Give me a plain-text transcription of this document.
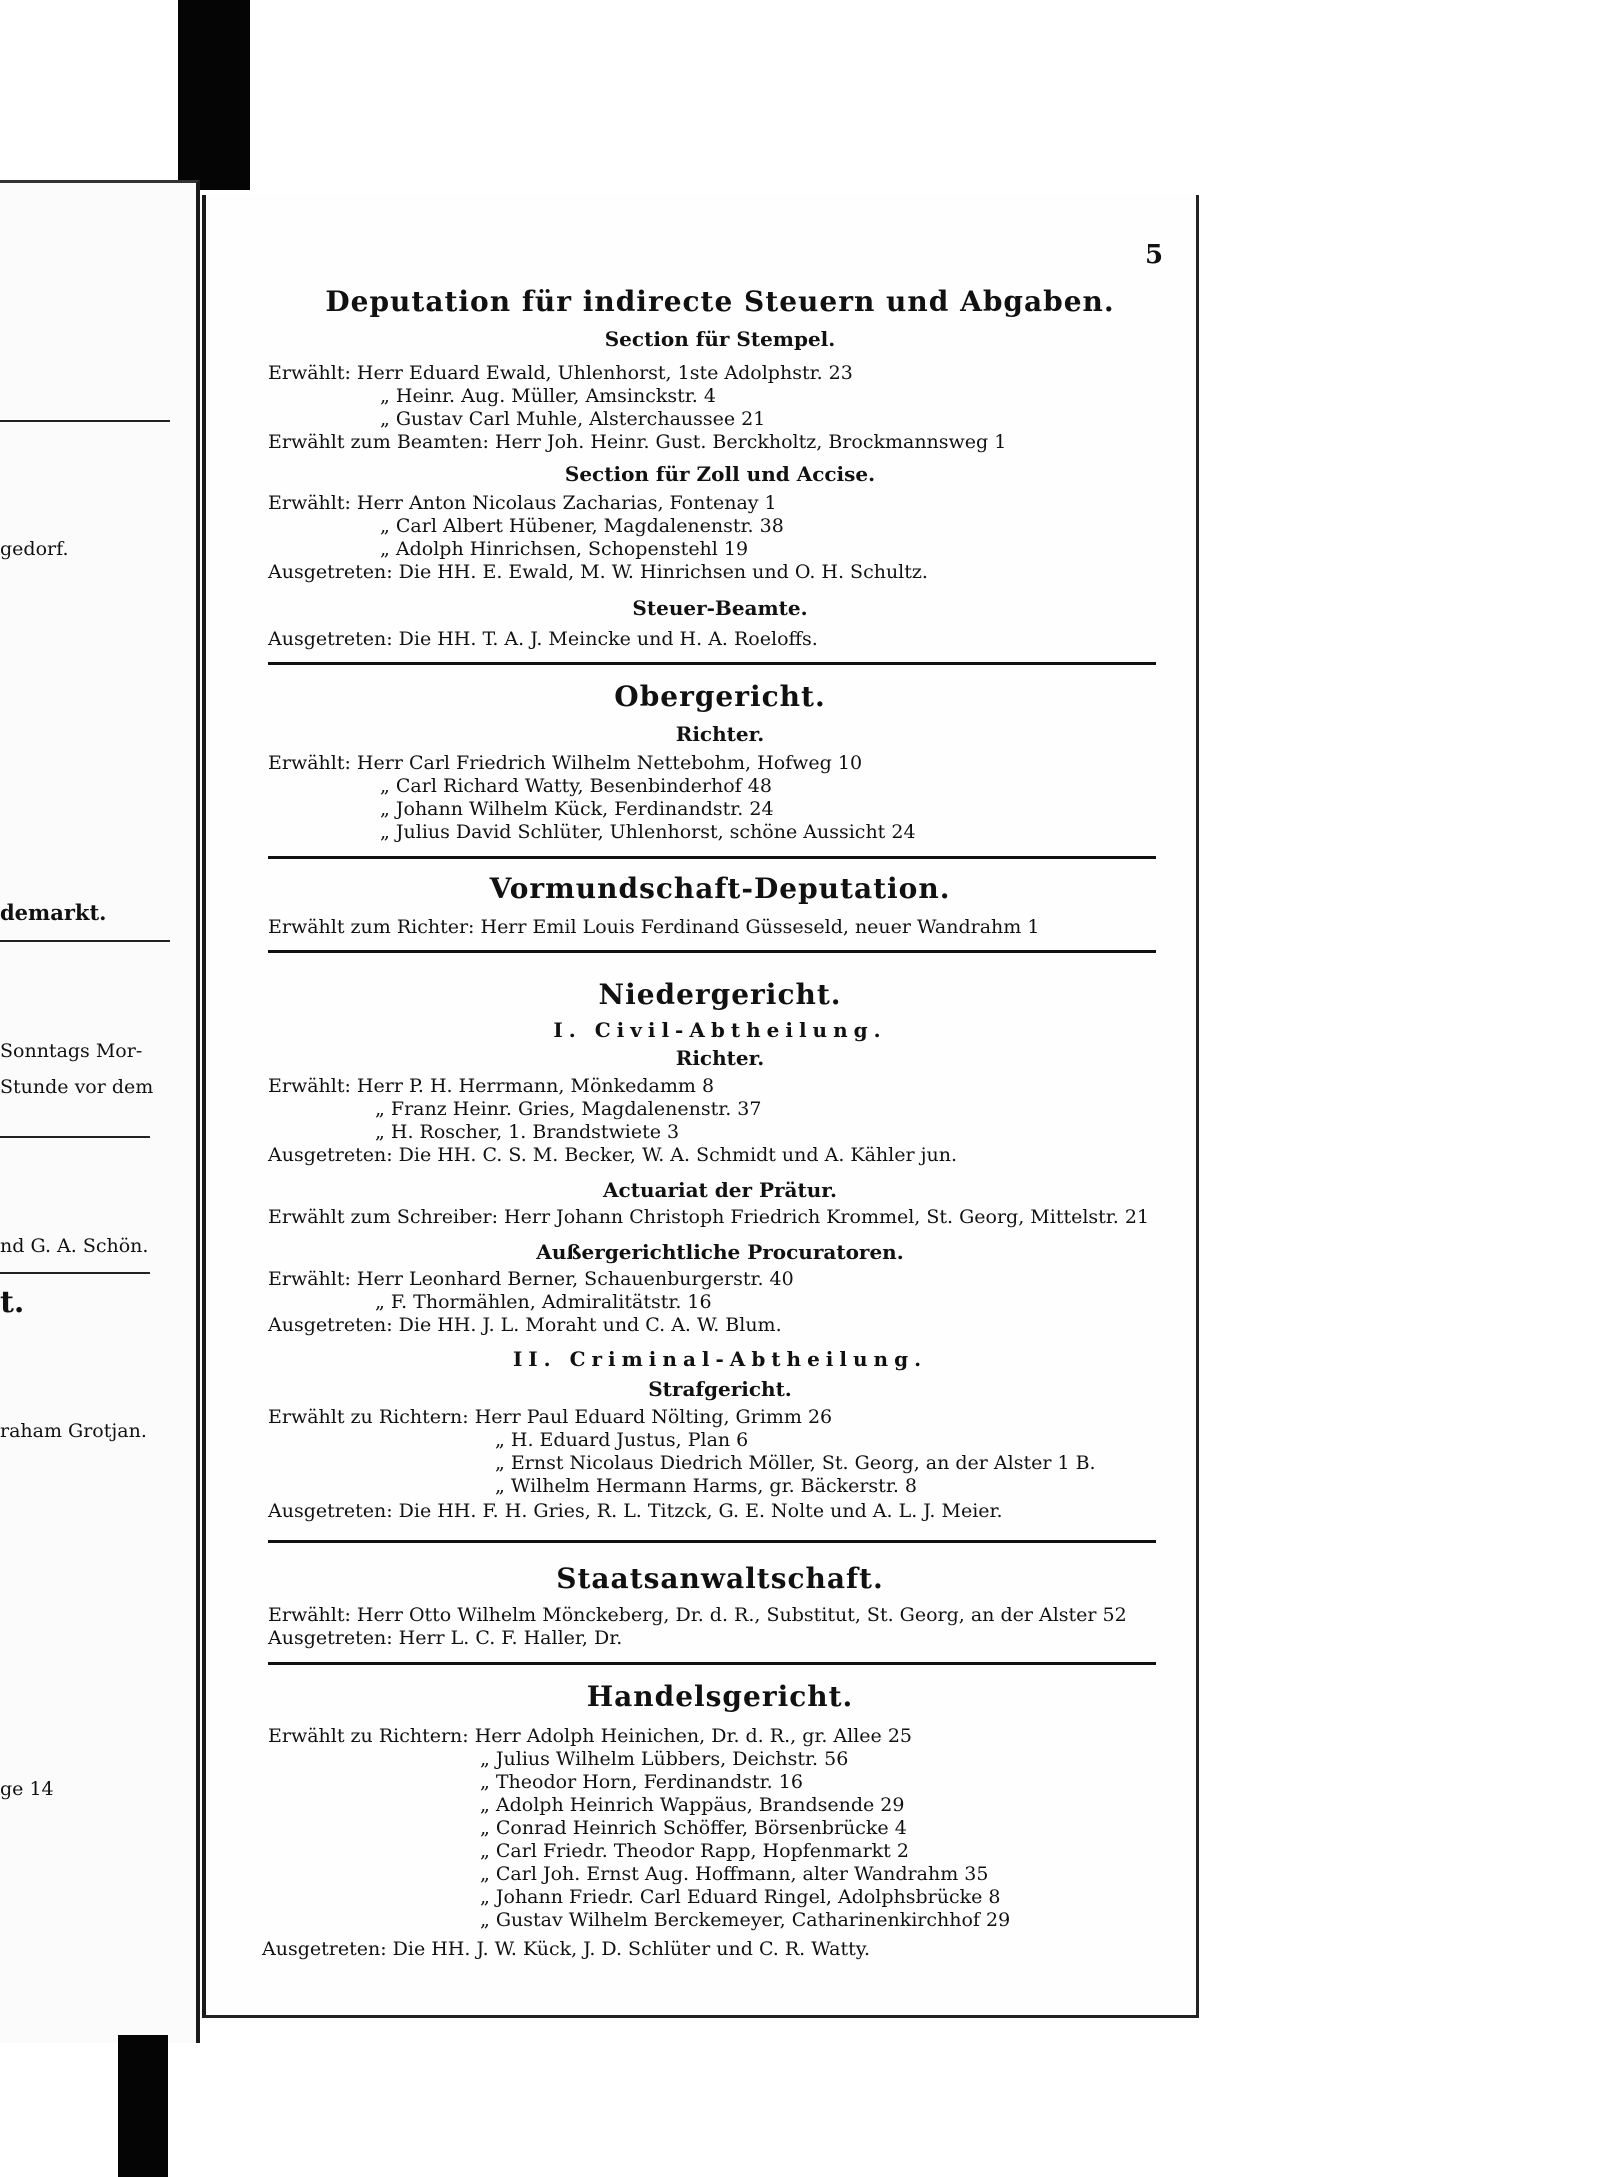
gedorf.
demarkt.
Sonntags Mor-
Stunde vor dem
nd G. A. Schön.
t.
raham Grotjan.
ge 14
5
Deputation für indirecte Steuern und Abgaben.
Section für Stempel.
Erwählt: Herr Eduard Ewald, Uhlenhorst, 1ste Adolphstr. 23
„ Heinr. Aug. Müller, Amsinckstr. 4
„ Gustav Carl Muhle, Alsterchaussee 21
Erwählt zum Beamten: Herr Joh. Heinr. Gust. Berckholtz, Brockmannsweg 1
Section für Zoll und Accise.
Erwählt: Herr Anton Nicolaus Zacharias, Fontenay 1
„ Carl Albert Hübener, Magdalenenstr. 38
„ Adolph Hinrichsen, Schopenstehl 19
Ausgetreten: Die HH. E. Ewald, M. W. Hinrichsen und O. H. Schultz.
Steuer-Beamte.
Ausgetreten: Die HH. T. A. J. Meincke und H. A. Roeloffs.
Obergericht.
Richter.
Erwählt: Herr Carl Friedrich Wilhelm Nettebohm, Hofweg 10
„ Carl Richard Watty, Besenbinderhof 48
„ Johann Wilhelm Kück, Ferdinandstr. 24
„ Julius David Schlüter, Uhlenhorst, schöne Aussicht 24
Vormundschaft-Deputation.
Erwählt zum Richter: Herr Emil Louis Ferdinand Güsseseld, neuer Wandrahm 1
Niedergericht.
I. Civil-Abtheilung.
Richter.
Erwählt: Herr P. H. Herrmann, Mönkedamm 8
„ Franz Heinr. Gries, Magdalenenstr. 37
„ H. Roscher, 1. Brandstwiete 3
Ausgetreten: Die HH. C. S. M. Becker, W. A. Schmidt und A. Kähler jun.
Actuariat der Prätur.
Erwählt zum Schreiber: Herr Johann Christoph Friedrich Krommel, St. Georg, Mittelstr. 21
Außergerichtliche Procuratoren.
Erwählt: Herr Leonhard Berner, Schauenburgerstr. 40
„ F. Thormählen, Admiralitätstr. 16
Ausgetreten: Die HH. J. L. Moraht und C. A. W. Blum.
II. Criminal-Abtheilung.
Strafgericht.
Erwählt zu Richtern: Herr Paul Eduard Nölting, Grimm 26
„ H. Eduard Justus, Plan 6
„ Ernst Nicolaus Diedrich Möller, St. Georg, an der Alster 1 B.
„ Wilhelm Hermann Harms, gr. Bäckerstr. 8
Ausgetreten: Die HH. F. H. Gries, R. L. Titzck, G. E. Nolte und A. L. J. Meier.
Staatsanwaltschaft.
Erwählt: Herr Otto Wilhelm Mönckeberg, Dr. d. R., Substitut, St. Georg, an der Alster 52
Ausgetreten: Herr L. C. F. Haller, Dr.
Handelsgericht.
Erwählt zu Richtern: Herr Adolph Heinichen, Dr. d. R., gr. Allee 25
„ Julius Wilhelm Lübbers, Deichstr. 56
„ Theodor Horn, Ferdinandstr. 16
„ Adolph Heinrich Wappäus, Brandsende 29
„ Conrad Heinrich Schöffer, Börsenbrücke 4
„ Carl Friedr. Theodor Rapp, Hopfenmarkt 2
„ Carl Joh. Ernst Aug. Hoffmann, alter Wandrahm 35
„ Johann Friedr. Carl Eduard Ringel, Adolphsbrücke 8
„ Gustav Wilhelm Berckemeyer, Catharinenkirchhof 29
Ausgetreten: Die HH. J. W. Kück, J. D. Schlüter und C. R. Watty.
